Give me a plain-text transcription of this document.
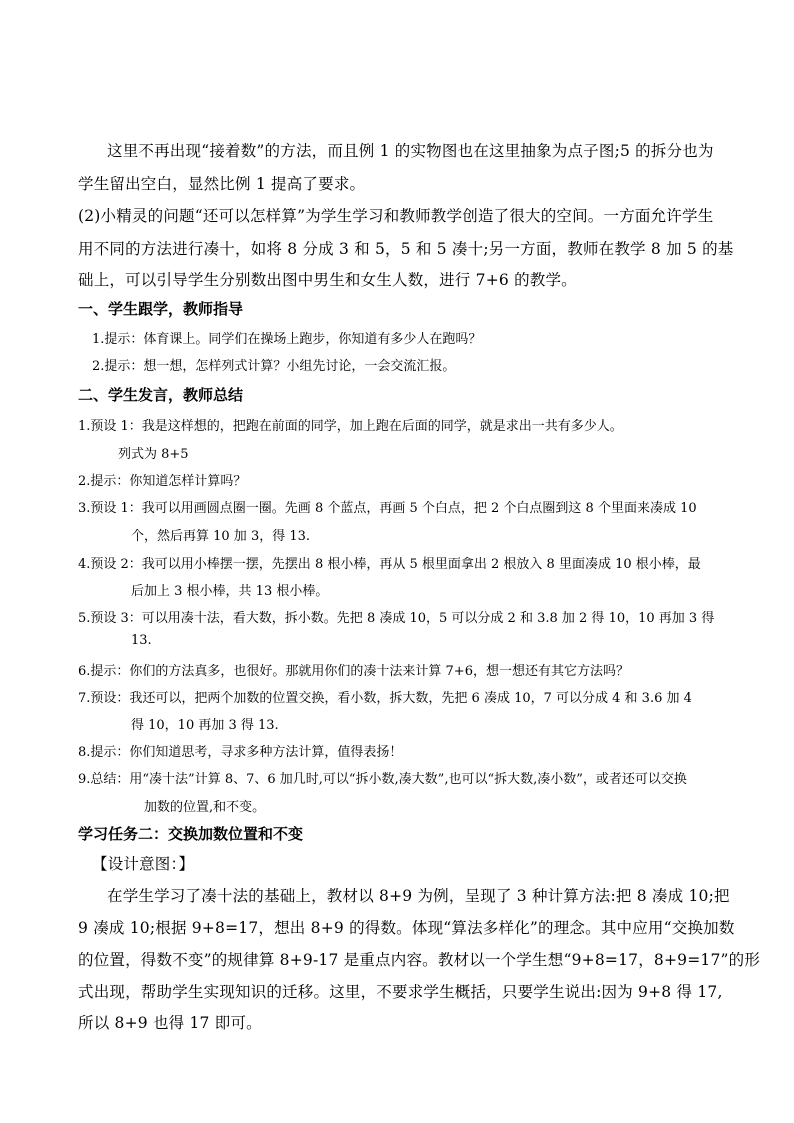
这里不再出现“接着数”的方法，而且例 1 的实物图也在这里抽象为点子图;5 的拆分也为
学生留出空白，显然比例 1 提高了要求。
(2)小精灵的问题“还可以怎样算”为学生学习和教师教学创造了很大的空间。一方面允许学生
用不同的方法进行凑十，如将 8 分成 3 和 5，5 和 5 凑十;另一方面，教师在教学 8 加 5 的基
础上，可以引导学生分别数出图中男生和女生人数，进行 7+6 的教学。
一、学生跟学，教师指导
1.提示：体育课上。同学们在操场上跑步，你知道有多少人在跑吗？
2.提示：想一想，怎样列式计算？小组先讨论，一会交流汇报。
二、学生发言，教师总结
1.预设 1：我是这样想的，把跑在前面的同学，加上跑在后面的同学，就是求出一共有多少人。
列式为 8+5
2.提示：你知道怎样计算吗？
3.预设 1：我可以用画圆点圈一圈。先画 8 个蓝点，再画 5 个白点，把 2 个白点圈到这 8 个里面来凑成 10
个，然后再算 10 加 3，得 13.
4.预设 2：我可以用小棒摆一摆，先摆出 8 根小棒，再从 5 根里面拿出 2 根放入 8 里面凑成 10 根小棒，最
后加上 3 根小棒，共 13 根小棒。
5.预设 3：可以用凑十法，看大数，拆小数。先把 8 凑成 10，5 可以分成 2 和 3.8 加 2 得 10，10 再加 3 得
13.
6.提示：你们的方法真多，也很好。那就用你们的凑十法来计算 7+6，想一想还有其它方法吗？
7.预设：我还可以，把两个加数的位置交换，看小数，拆大数，先把 6 凑成 10，7 可以分成 4 和 3.6 加 4
得 10，10 再加 3 得 13.
8.提示：你们知道思考，寻求多种方法计算，值得表扬！
9.总结：用“凑十法”计算 8、7、6 加几时,可以“拆小数,凑大数”,也可以“拆大数,凑小数”，或者还可以交换
加数的位置,和不变。
学习任务二：交换加数位置和不变
【设计意图：】
在学生学习了凑十法的基础上，教材以 8+9 为例，呈现了 3 种计算方法:把 8 凑成 10;把
9 凑成 10;根据 9+8=17，想出 8+9 的得数。体现“算法多样化”的理念。其中应用“交换加数
的位置，得数不变”的规律算 8+9-17 是重点内容。教材以一个学生想“9+8=17，8+9=17”的形
式出现，帮助学生实现知识的迁移。这里，不要求学生概括，只要学生说出:因为 9+8 得 17,
所以 8+9 也得 17 即可。
